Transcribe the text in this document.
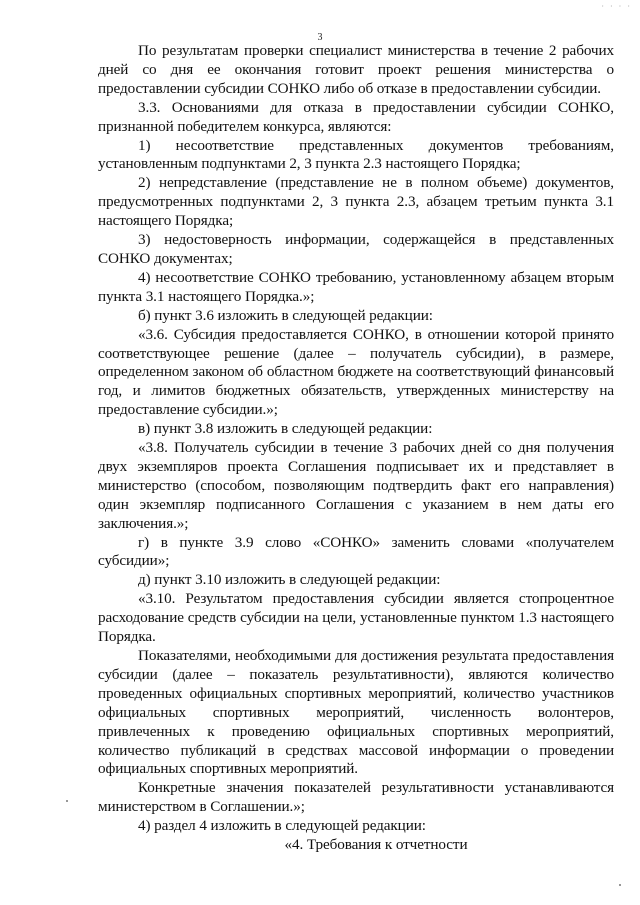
· · · ·
3

По результатам проверки специалист министерства в течение 2 рабочих дней со дня ее окончания готовит проект решения министерства о предоставлении субсидии СОНКО либо об отказе в предоставлении субсидии.

3.3. Основаниями для отказа в предоставлении субсидии СОНКО, признанной победителем конкурса, являются:

1) несоответствие представленных документов требованиям, установленным подпунктами 2, 3 пункта 2.3 настоящего Порядка;

2) непредставление (представление не в полном объеме) документов, предусмотренных подпунктами 2, 3 пункта 2.3, абзацем третьим пункта 3.1 настоящего Порядка;

3) недостоверность информации, содержащейся в представленных СОНКО документах;

4) несоответствие СОНКО требованию, установленному абзацем вторым пункта 3.1 настоящего Порядка.»;

б) пункт 3.6 изложить в следующей редакции:

«3.6. Субсидия предоставляется СОНКО, в отношении которой принято соответствующее решение (далее – получатель субсидии), в размере, определенном законом об областном бюджете на соответствующий финансовый год, и лимитов бюджетных обязательств, утвержденных министерству на предоставление субсидии.»;

в) пункт 3.8 изложить в следующей редакции:

«3.8. Получатель субсидии в течение 3 рабочих дней со дня получения двух экземпляров проекта Соглашения подписывает их и представляет в министерство (способом, позволяющим подтвердить факт его направления) один экземпляр подписанного Соглашения с указанием в нем даты его заключения.»;

г) в пункте 3.9 слово «СОНКО» заменить словами «получателем субсидии»;

д) пункт 3.10 изложить в следующей редакции:

«3.10. Результатом предоставления субсидии является стопроцентное расходование средств субсидии на цели, установленные пунктом 1.3 настоящего Порядка.

Показателями, необходимыми для достижения результата предоставления субсидии (далее – показатель результативности), являются количество проведенных официальных спортивных мероприятий, количество участников официальных спортивных мероприятий, численность волонтеров, привлеченных к проведению официальных спортивных мероприятий, количество публикаций в средствах массовой информации о проведении официальных спортивных мероприятий.

Конкретные значения показателей результативности устанавливаются министерством в Соглашении.»;

4) раздел 4 изложить в следующей редакции:

«4. Требования к отчетности
